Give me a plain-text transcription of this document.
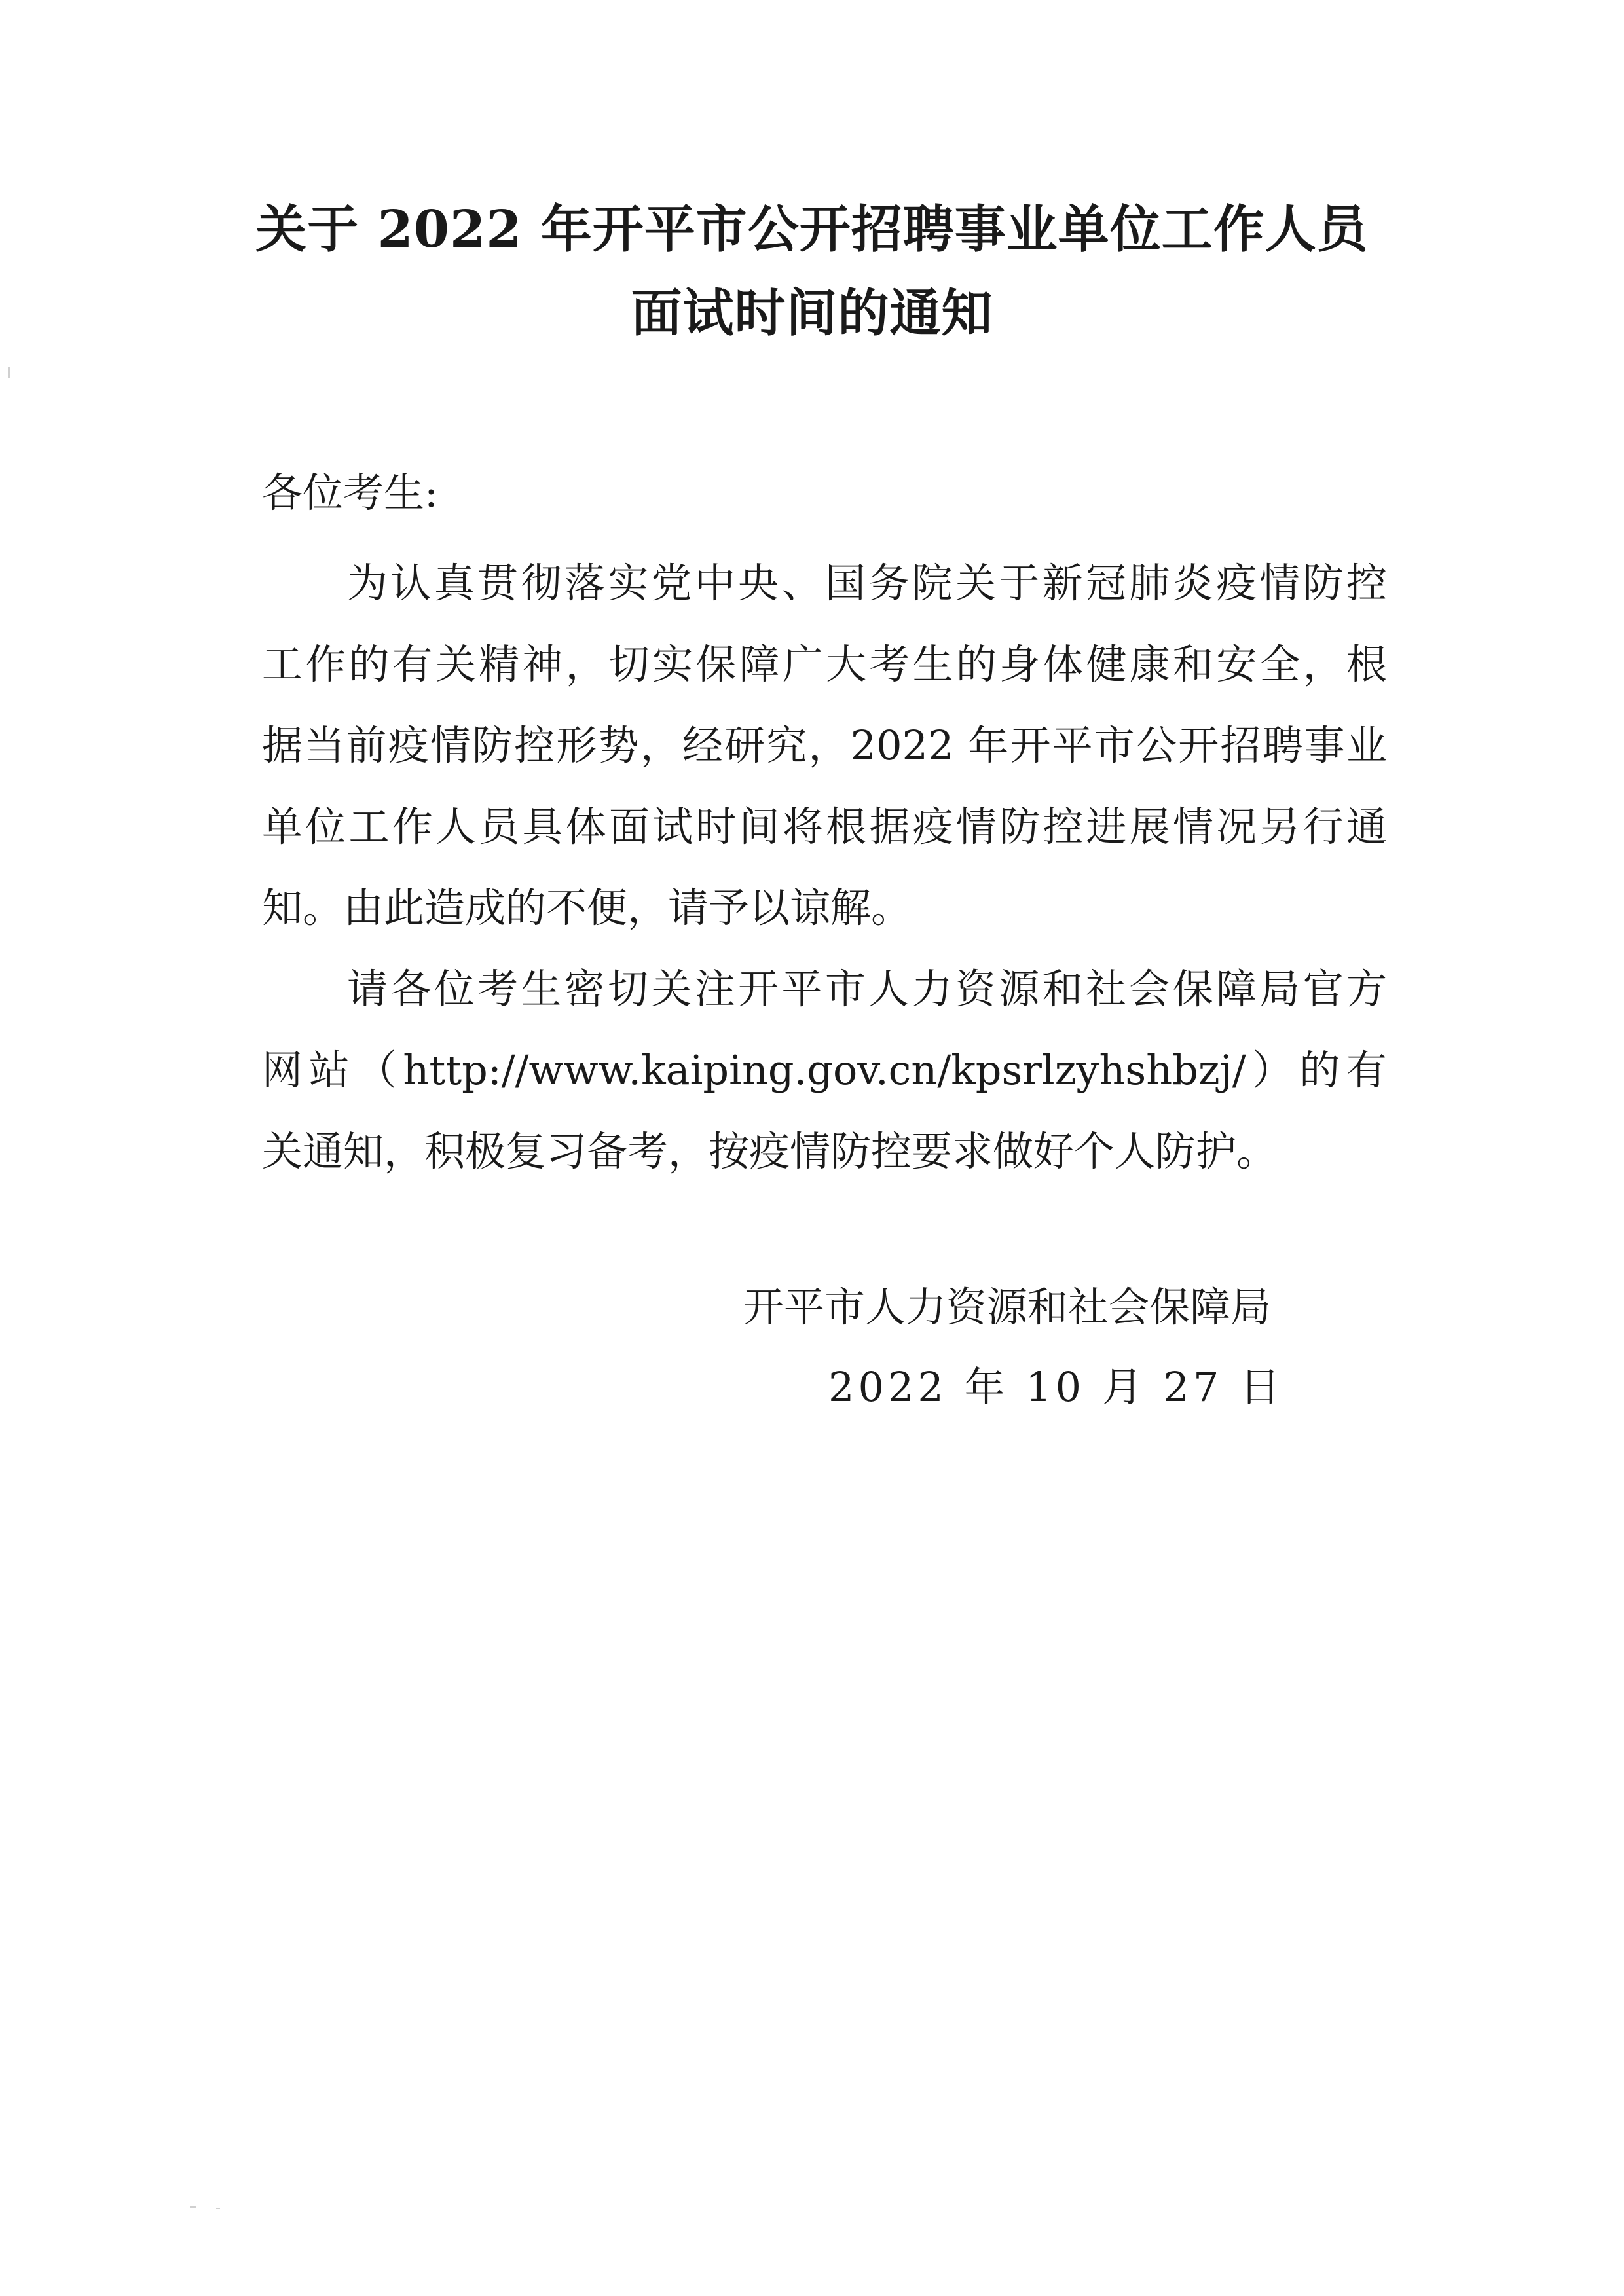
关于 2022 年开平市公开招聘事业单位工作人员
面试时间的通知
各位考生:
为认真贯彻落实党中央、国务院关于新冠肺炎疫情防控
工作的有关精神，切实保障广大考生的身体健康和安全，根
据当前疫情防控形势，经研究，2022 年开平市公开招聘事业
单位工作人员具体面试时间将根据疫情防控进展情况另行通
知。由此造成的不便，请予以谅解。
请各位考生密切关注开平市人力资源和社会保障局官方
网站（http://www.kaiping.gov.cn/kpsrlzyhshbzj/）的有
关通知，积极复习备考，按疫情防控要求做好个人防护。
开平市人力资源和社会保障局
2022 年 10 月 27 日
